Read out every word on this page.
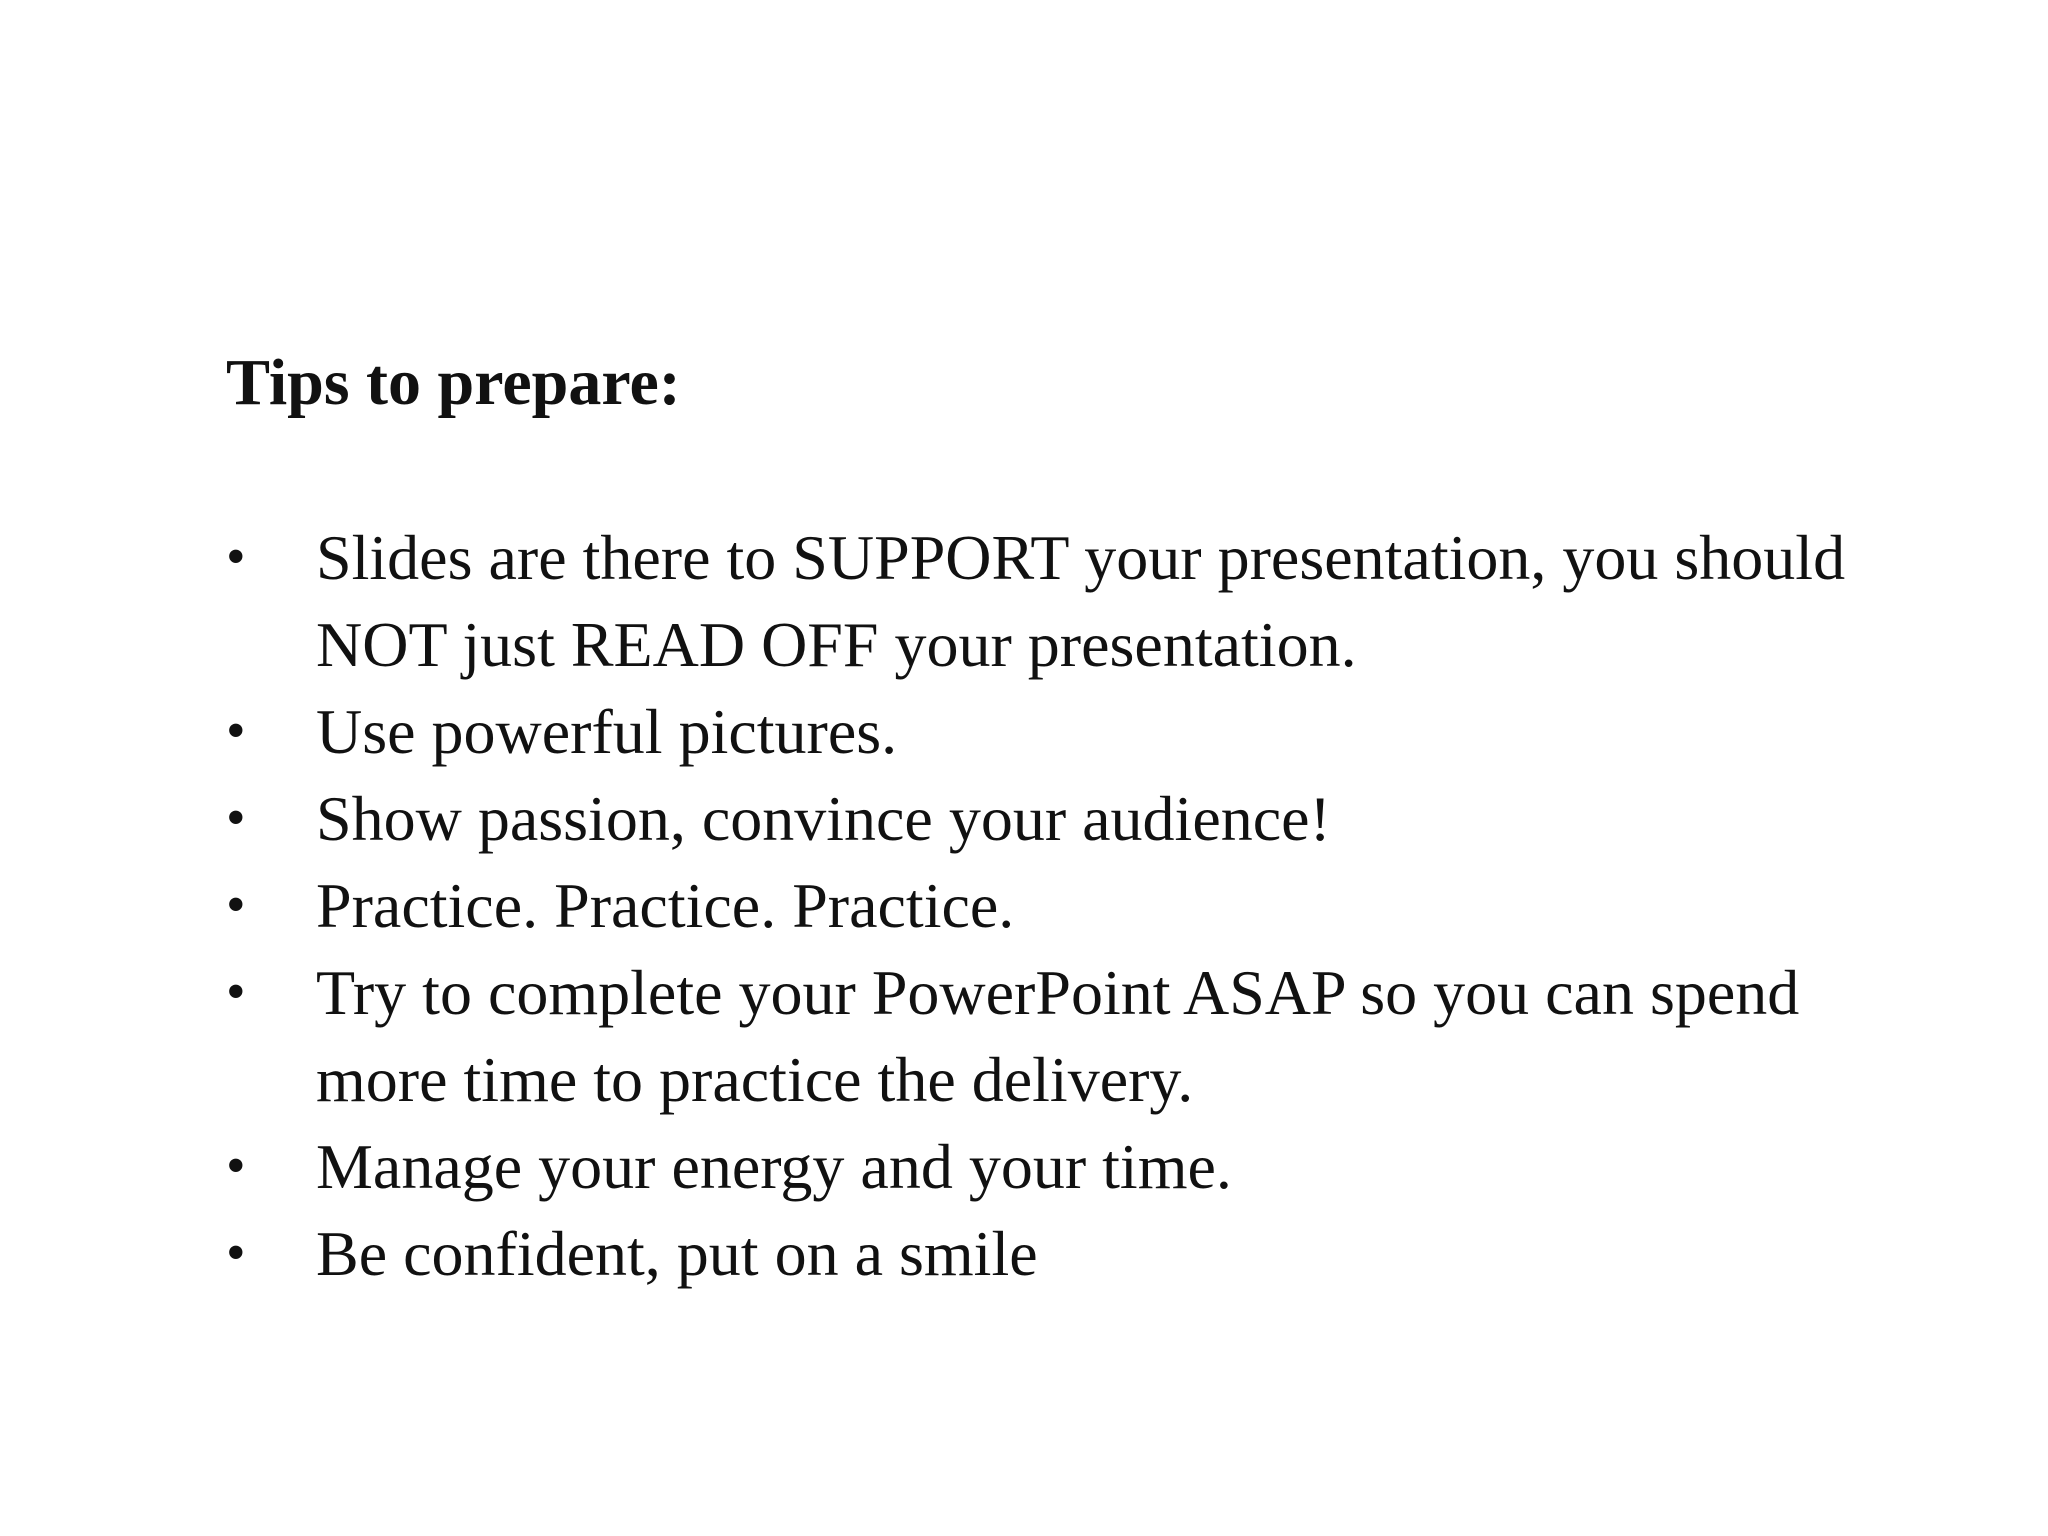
Tips to prepare:
•	Slides are there to SUPPORT your presentation, you should NOT just READ OFF your presentation.
•	Use powerful pictures.
•	Show passion, convince your audience!
•	Practice. Practice. Practice.
•	Try to complete your PowerPoint ASAP so you can spend more time to practice the delivery.
•	Manage your energy and your time.
•	Be confident, put on a smile
